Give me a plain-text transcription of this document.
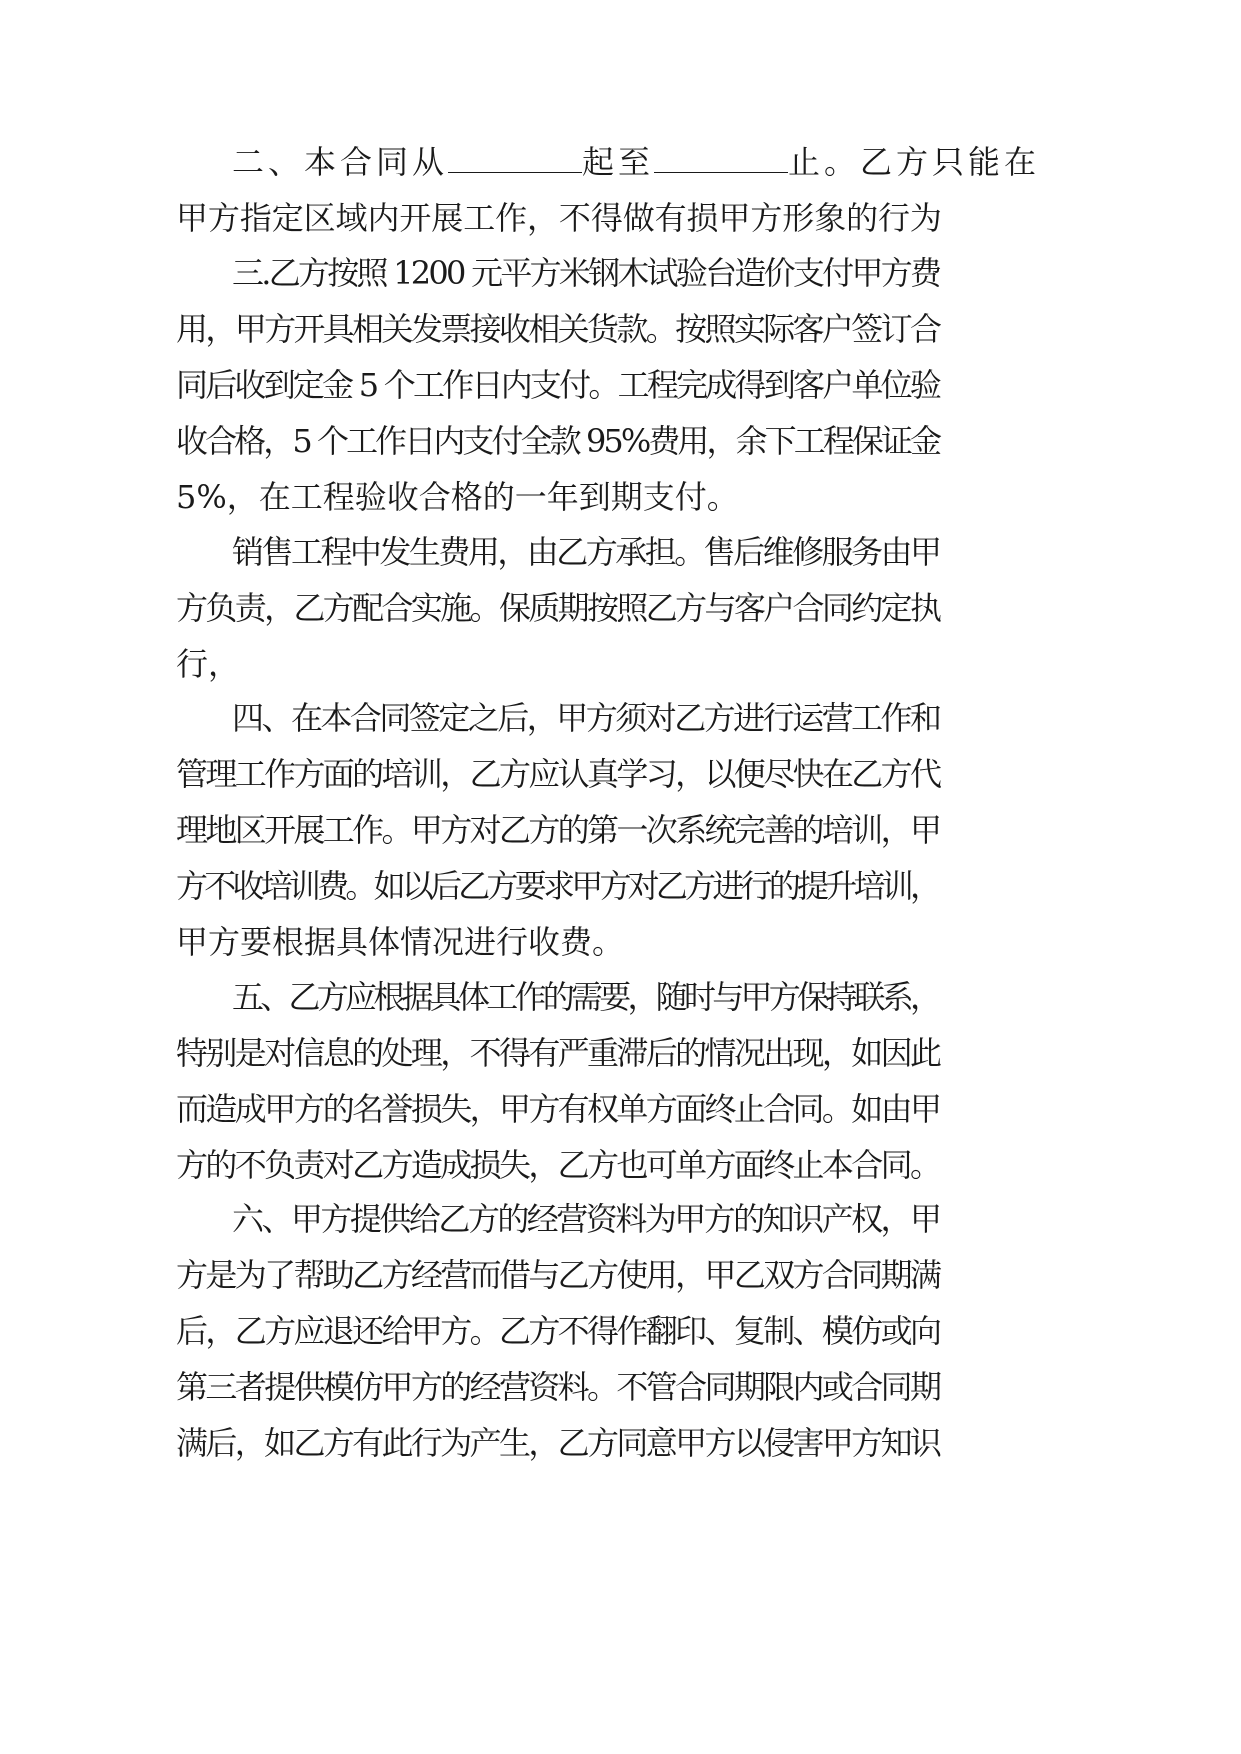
二、本合同从	起至	止。乙方只能在
甲方指定区域内开展工作，不得做有损甲方形象的行为
三.乙方按照 1200 元平方米钢木试验台造价支付甲方费
用，甲方开具相关发票接收相关货款。按照实际客户签订合
同后收到定金 5 个工作日内支付。工程完成得到客户单位验
收合格，5 个工作日内支付全款 95%费用，余下工程保证金
5%，在工程验收合格的一年到期支付。
销售工程中发生费用，由乙方承担。售后维修服务由甲
方负责，乙方配合实施。保质期按照乙方与客户合同约定执
行，
四、在本合同签定之后，甲方须对乙方进行运营工作和
管理工作方面的培训，乙方应认真学习，以便尽快在乙方代
理地区开展工作。甲方对乙方的第一次系统完善的培训，甲
方不收培训费。如以后乙方要求甲方对乙方进行的提升培训，
甲方要根据具体情况进行收费。
五、乙方应根据具体工作的需要，随时与甲方保持联系，
特别是对信息的处理，不得有严重滞后的情况出现，如因此
而造成甲方的名誉损失，甲方有权单方面终止合同。如由甲
方的不负责对乙方造成损失，乙方也可单方面终止本合同。
六、甲方提供给乙方的经营资料为甲方的知识产权，甲
方是为了帮助乙方经营而借与乙方使用，甲乙双方合同期满
后，乙方应退还给甲方。乙方不得作翻印、复制、模仿或向
第三者提供模仿甲方的经营资料。不管合同期限内或合同期
满后，如乙方有此行为产生，乙方同意甲方以侵害甲方知识
